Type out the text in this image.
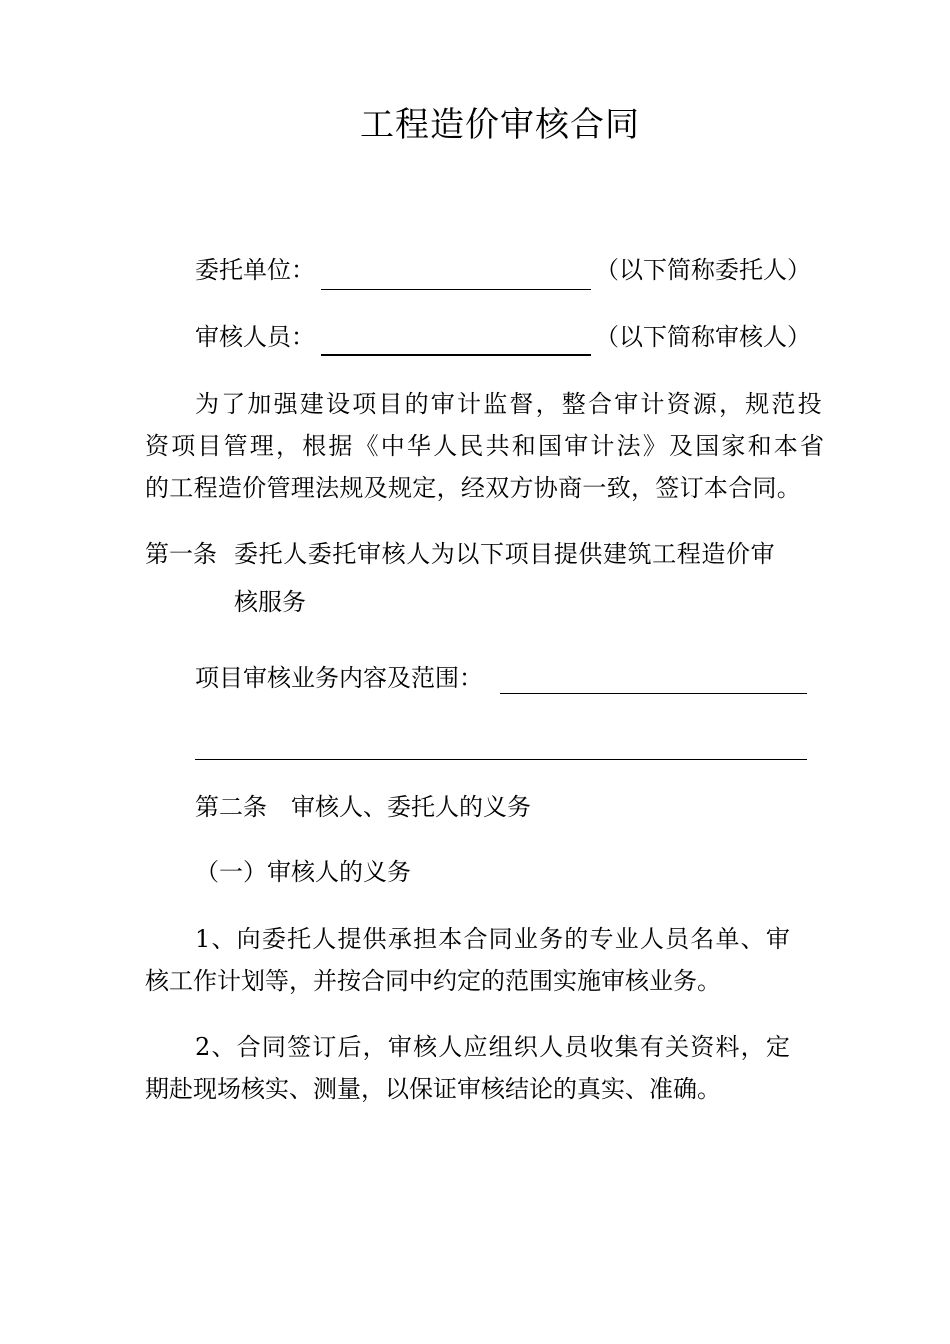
工程造价审核合同
委托单位：	（以下简称委托人）
审核人员：	（以下简称审核人）
为了加强建设项目的审计监督，整合审计资源，规范投
资项目管理，根据《中华人民共和国审计法》及国家和本省
的工程造价管理法规及规定，经双方协商一致，签订本合同。
第一条 委托人委托审核人为以下项目提供建筑工程造价审
核服务
项目审核业务内容及范围：
第二条　审核人、委托人的义务
（一）审核人的义务
1、向委托人提供承担本合同业务的专业人员名单、审
核工作计划等，并按合同中约定的范围实施审核业务。
2、合同签订后，审核人应组织人员收集有关资料，定
期赴现场核实、测量，以保证审核结论的真实、准确。
